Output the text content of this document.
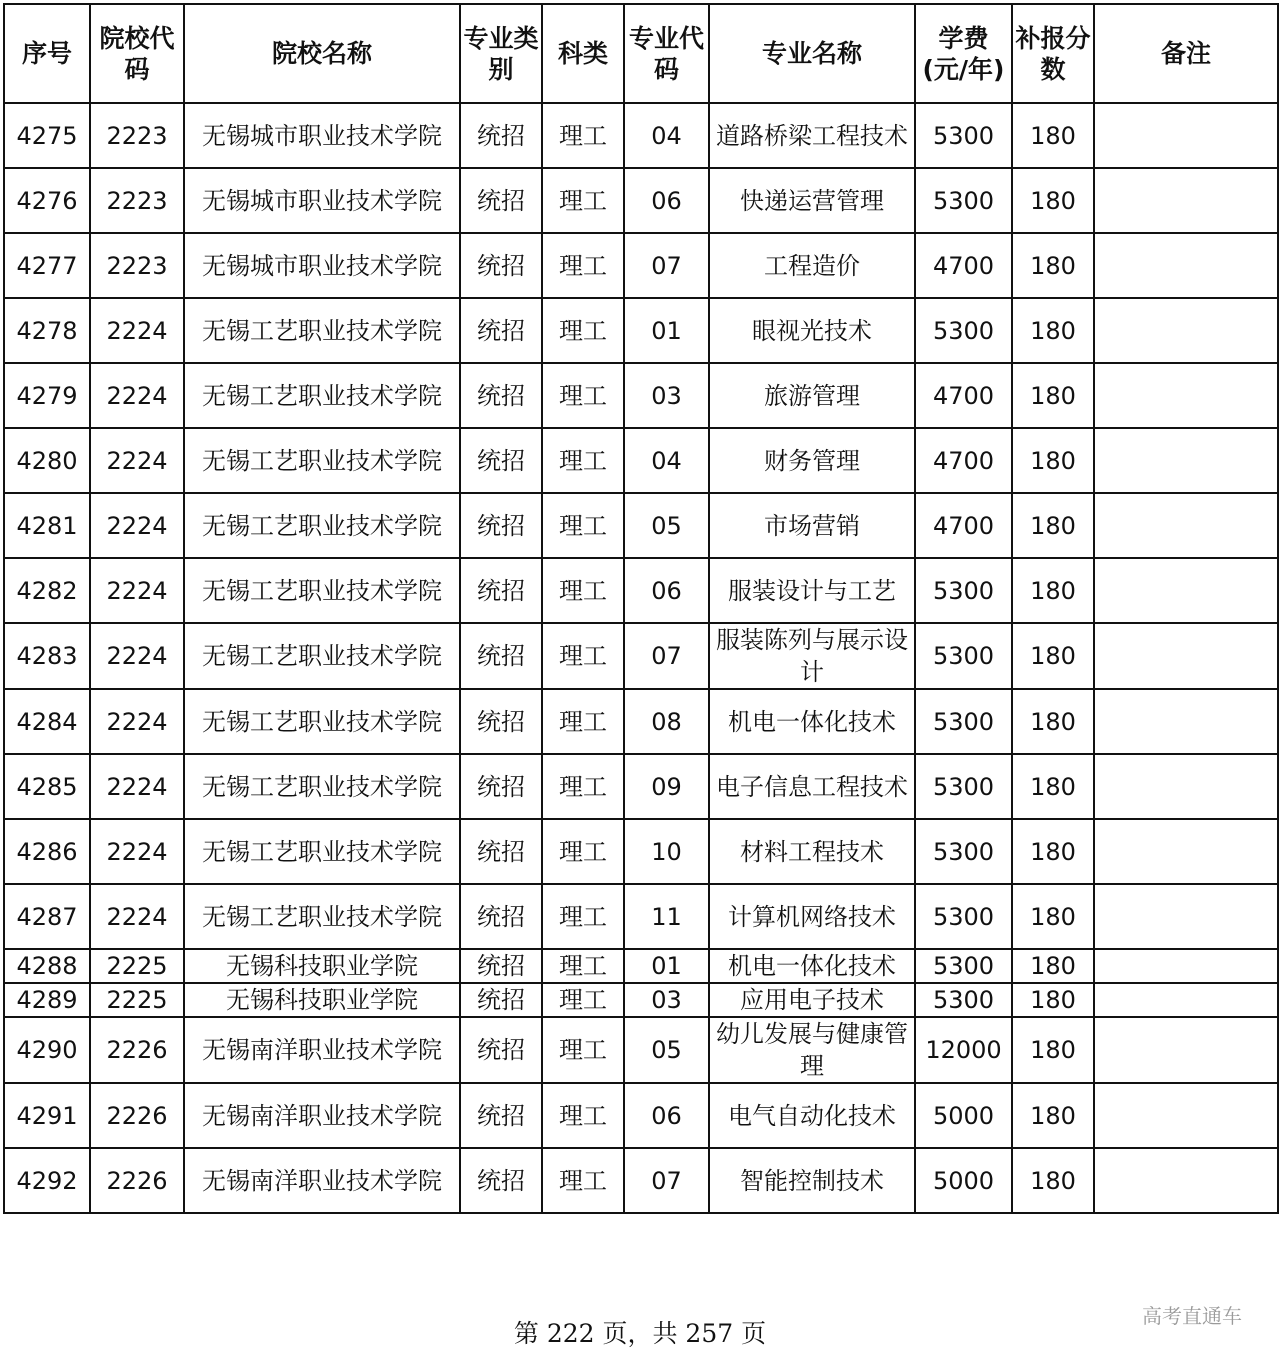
序号	院校代码	院校名称	专业类别	科类	专业代码	专业名称	学费(元/年)	补报分数	备注
4275	2223	无锡城市职业技术学院	统招	理工	04	道路桥梁工程技术	5300	180	
4276	2223	无锡城市职业技术学院	统招	理工	06	快递运营管理	5300	180	
4277	2223	无锡城市职业技术学院	统招	理工	07	工程造价	4700	180	
4278	2224	无锡工艺职业技术学院	统招	理工	01	眼视光技术	5300	180	
4279	2224	无锡工艺职业技术学院	统招	理工	03	旅游管理	4700	180	
4280	2224	无锡工艺职业技术学院	统招	理工	04	财务管理	4700	180	
4281	2224	无锡工艺职业技术学院	统招	理工	05	市场营销	4700	180	
4282	2224	无锡工艺职业技术学院	统招	理工	06	服装设计与工艺	5300	180	
4283	2224	无锡工艺职业技术学院	统招	理工	07	服装陈列与展示设计	5300	180	
4284	2224	无锡工艺职业技术学院	统招	理工	08	机电一体化技术	5300	180	
4285	2224	无锡工艺职业技术学院	统招	理工	09	电子信息工程技术	5300	180	
4286	2224	无锡工艺职业技术学院	统招	理工	10	材料工程技术	5300	180	
4287	2224	无锡工艺职业技术学院	统招	理工	11	计算机网络技术	5300	180	
4288	2225	无锡科技职业学院	统招	理工	01	机电一体化技术	5300	180	
4289	2225	无锡科技职业学院	统招	理工	03	应用电子技术	5300	180	
4290	2226	无锡南洋职业技术学院	统招	理工	05	幼儿发展与健康管理	12000	180	
4291	2226	无锡南洋职业技术学院	统招	理工	06	电气自动化技术	5000	180	
4292	2226	无锡南洋职业技术学院	统招	理工	07	智能控制技术	5000	180	
第 222 页，共 257 页
高考直通车
